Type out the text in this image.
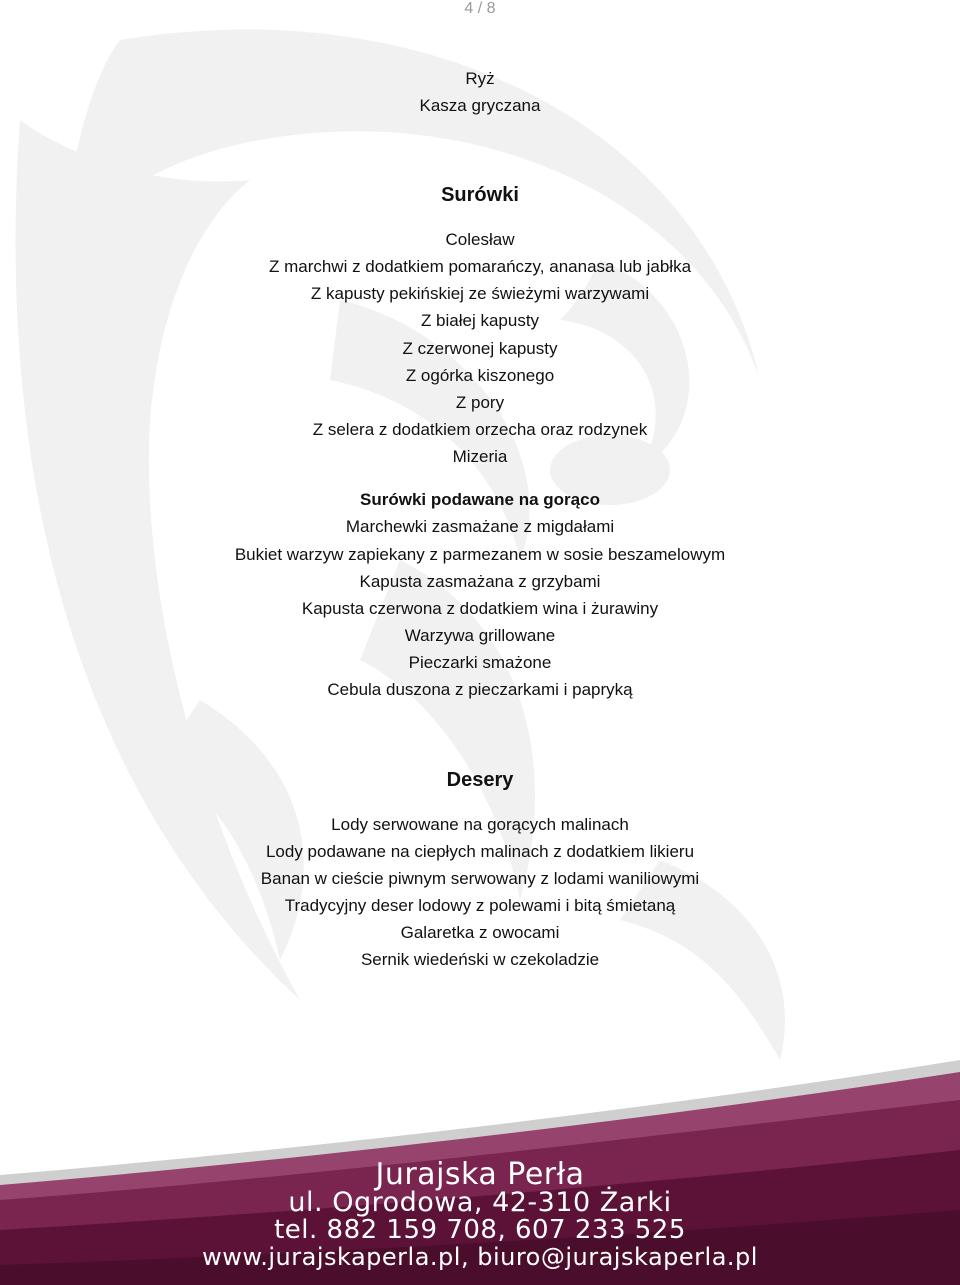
4 / 8
Ryż
Kasza gryczana
Surówki
Colesław
Z marchwi z dodatkiem pomarańczy, ananasa lub jabłka
Z kapusty pekińskiej ze świeżymi warzywami
Z białej kapusty
Z czerwonej kapusty
Z ogórka kiszonego
Z pory
Z selera z dodatkiem orzecha oraz rodzynek
Mizeria
Surówki podawane na gorąco
Marchewki zasmażane z migdałami
Bukiet warzyw zapiekany z parmezanem w sosie beszamelowym
Kapusta zasmażana z grzybami
Kapusta czerwona z dodatkiem wina i żurawiny
Warzywa grillowane
Pieczarki smażone
Cebula duszona z pieczarkami i papryką
Desery
Lody serwowane na gorących malinach
Lody podawane na ciepłych malinach z dodatkiem likieru
Banan w cieście piwnym serwowany z lodami waniliowymi
Tradycyjny deser lodowy z polewami i bitą śmietaną
Galaretka z owocami
Sernik wiedeński w czekoladzie
Jurajska Perła
ul. Ogrodowa, 42-310 Żarki
tel. 882 159 708, 607 233 525
www.jurajskaperla.pl, biuro@jurajskaperla.pl
